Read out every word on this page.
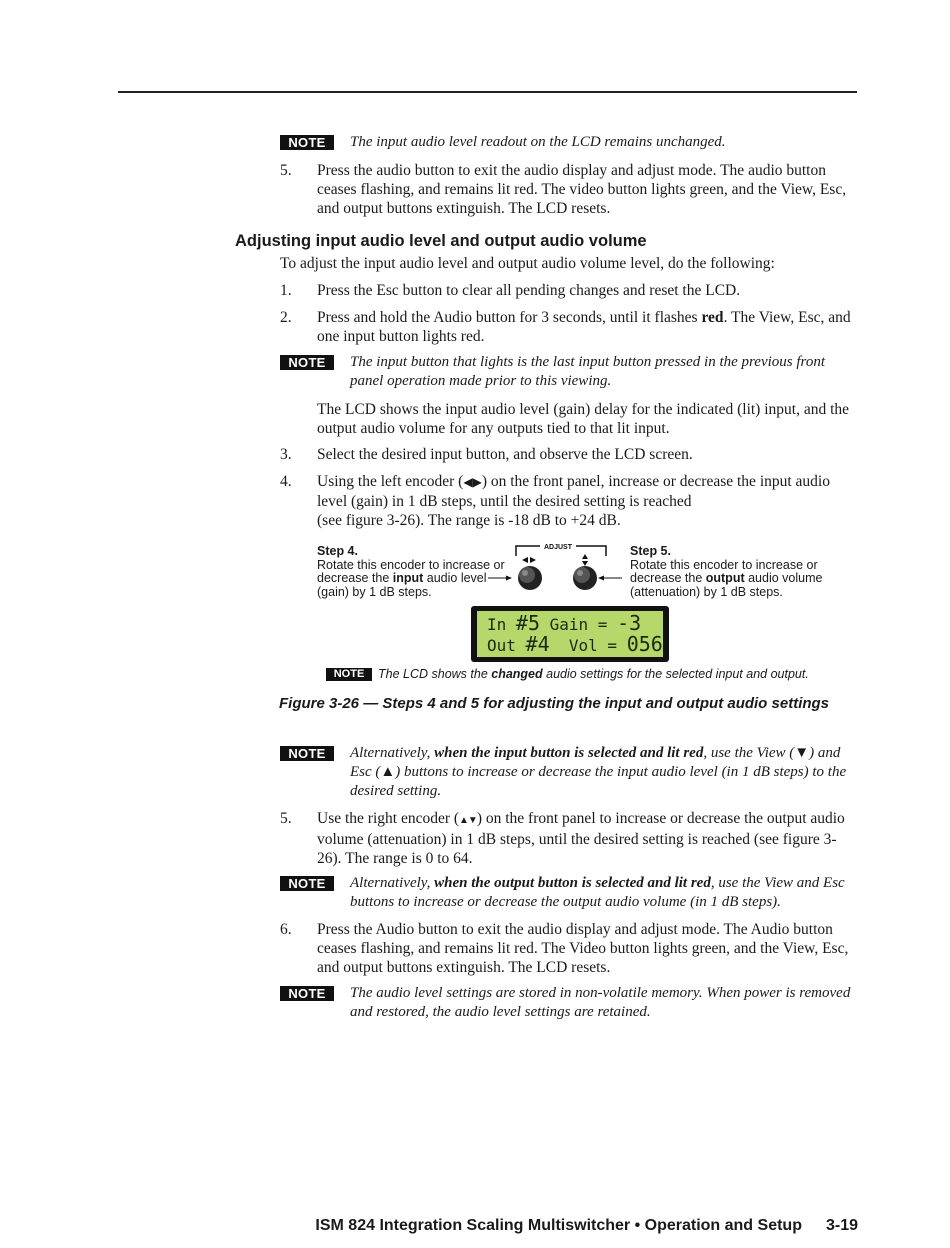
NOTE	The input audio level readout on the LCD remains unchanged.
5. Press the audio button to exit the audio display and adjust mode. The audio button ceases flashing, and remains lit red. The video button lights green, and the View, Esc, and output buttons extinguish. The LCD resets.
Adjusting input audio level and output audio volume
To adjust the input audio level and output audio volume level, do the following:
1. Press the Esc button to clear all pending changes and reset the LCD.
2. Press and hold the Audio button for 3 seconds, until it flashes red. The View, Esc, and one input button lights red.
NOTE	The input button that lights is the last input button pressed in the previous front panel operation made prior to this viewing.
The LCD shows the input audio level (gain) delay for the indicated (lit) input, and the output audio volume for any outputs tied to that lit input.
3. Select the desired input button, and observe the LCD screen.
4. Using the left encoder (◀▶) on the front panel, increase or decrease the input audio level (gain) in 1 dB steps, until the desired setting is reached
(see figure 3-26). The range is -18 dB to +24 dB.
Step 4.
Rotate this encoder to increase or decrease the input audio level (gain) by 1 dB steps.
Step 5.
Rotate this encoder to increase or decrease the output audio volume (attenuation) by 1 dB steps.
ADJUST
In #5 Gain = -3
Out #4  Vol = 056
NOTE	The LCD shows the changed audio settings for the selected input and output.
Figure 3-26 — Steps 4 and 5 for adjusting the input and output audio settings
NOTE	Alternatively, when the input button is selected and lit red, use the View (▼) and Esc (▲) buttons to increase or decrease the input audio level (in 1 dB steps) to the desired setting.
5. Use the right encoder (▲▼) on the front panel to increase or decrease the output audio volume (attenuation) in 1 dB steps, until the desired setting is reached (see figure 3-26). The range is 0 to 64.
NOTE	Alternatively, when the output button is selected and lit red, use the View and Esc buttons to increase or decrease the output audio volume (in 1 dB steps).
6. Press the Audio button to exit the audio display and adjust mode. The Audio button ceases flashing, and remains lit red. The Video button lights green, and the View, Esc, and output buttons extinguish. The LCD resets.
NOTE	The audio level settings are stored in non-volatile memory. When power is removed and restored, the audio level settings are retained.
ISM 824 Integration Scaling Multiswitcher • Operation and Setup 3-19
